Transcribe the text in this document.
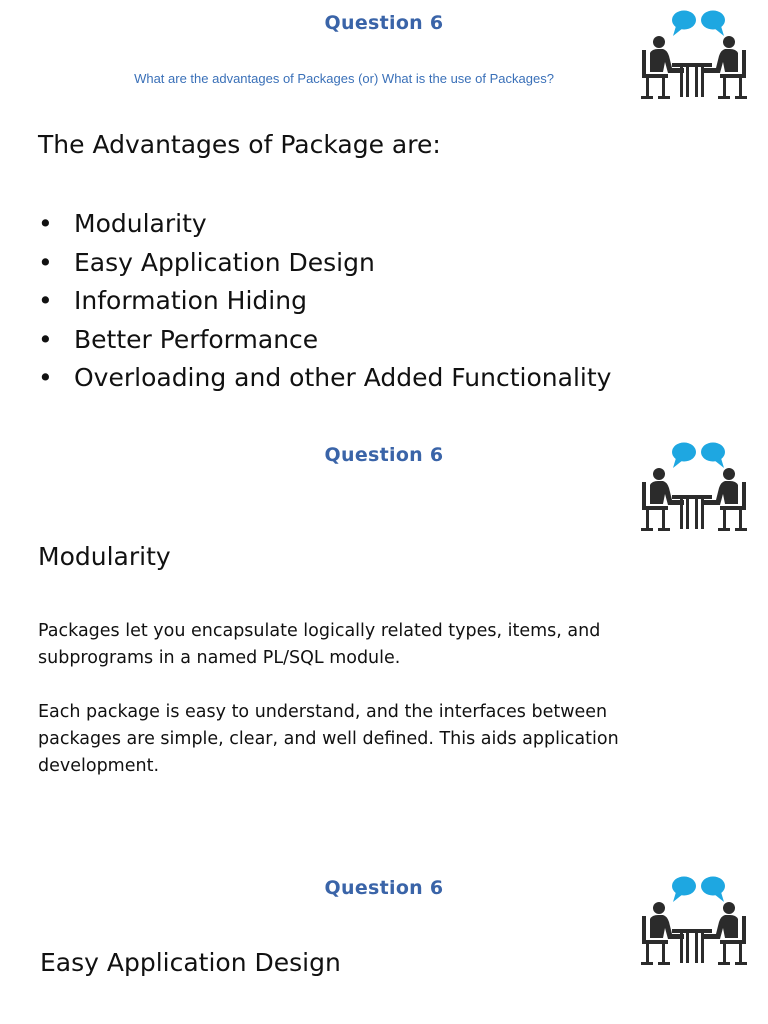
Question 6
What are the advantages of Packages (or) What is the use of Packages?
The Advantages of Package are:
• Modularity
• Easy Application Design
• Information Hiding
• Better Performance
• Overloading and other Added Functionality
Question 6
Modularity

Packages let you encapsulate logically related types, items, and subprograms in a named PL/SQL module.

Each package is easy to understand, and the interfaces between packages are simple, clear, and well defined. This aids application development.

Question 6
Easy Application Design
